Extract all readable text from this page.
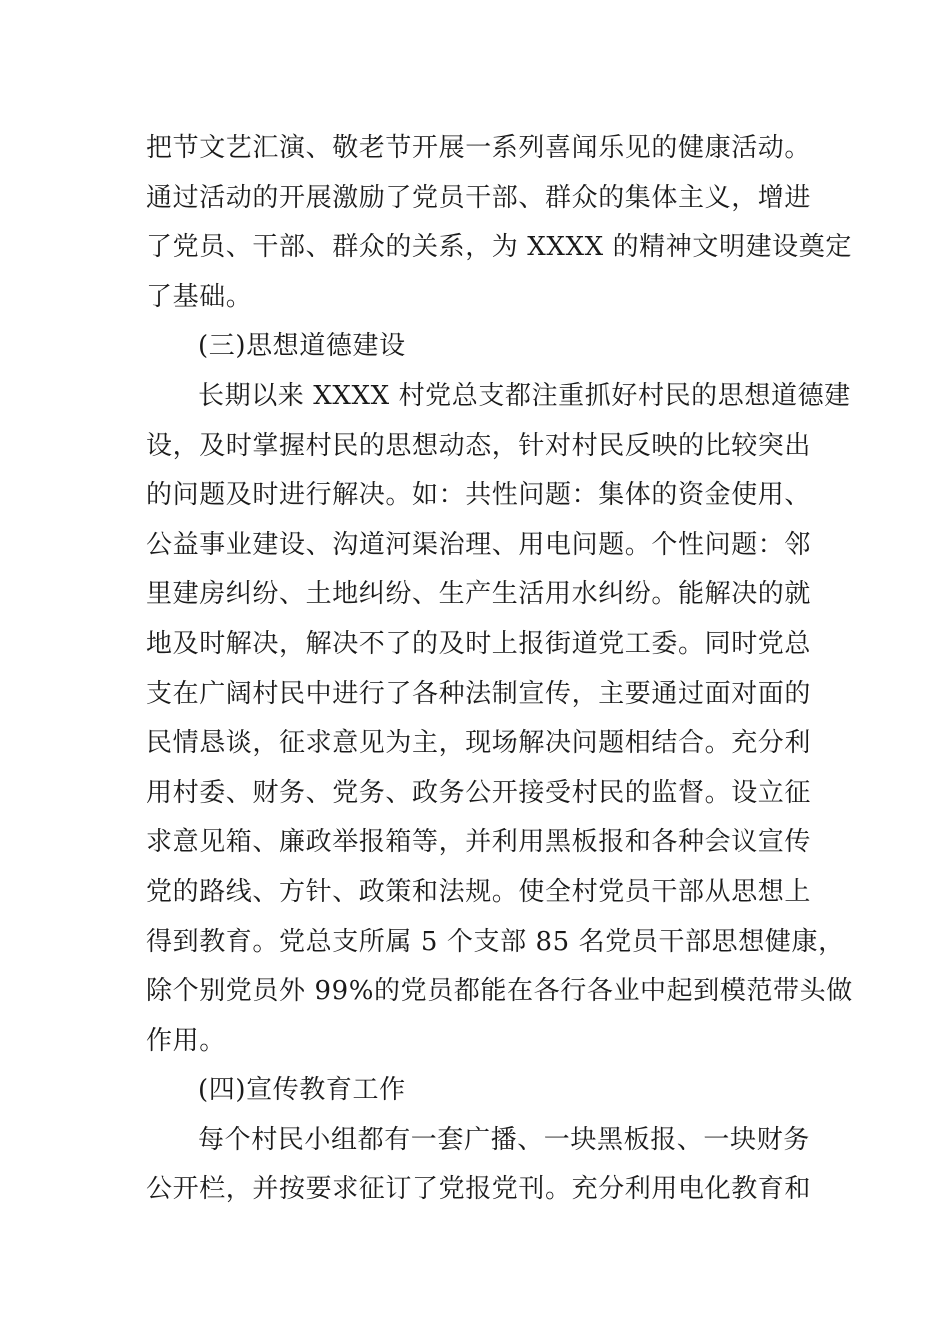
把节文艺汇演、敬老节开展一系列喜闻乐见的健康活动。
通过活动的开展激励了党员干部、群众的集体主义，增进
了党员、干部、群众的关系，为 XXXX 的精神文明建设奠定
了基础。
(三)思想道德建设
长期以来 XXXX 村党总支都注重抓好村民的思想道德建
设，及时掌握村民的思想动态，针对村民反映的比较突出
的问题及时进行解决。如：共性问题：集体的资金使用、
公益事业建设、沟道河渠治理、用电问题。个性问题：邻
里建房纠纷、土地纠纷、生产生活用水纠纷。能解决的就
地及时解决，解决不了的及时上报街道党工委。同时党总
支在广阔村民中进行了各种法制宣传，主要通过面对面的
民情恳谈，征求意见为主，现场解决问题相结合。充分利
用村委、财务、党务、政务公开接受村民的监督。设立征
求意见箱、廉政举报箱等，并利用黑板报和各种会议宣传
党的路线、方针、政策和法规。使全村党员干部从思想上
得到教育。党总支所属 5 个支部 85 名党员干部思想健康，
除个别党员外 99%的党员都能在各行各业中起到模范带头做
作用。
(四)宣传教育工作
每个村民小组都有一套广播、一块黑板报、一块财务
公开栏，并按要求征订了党报党刊。充分利用电化教育和
